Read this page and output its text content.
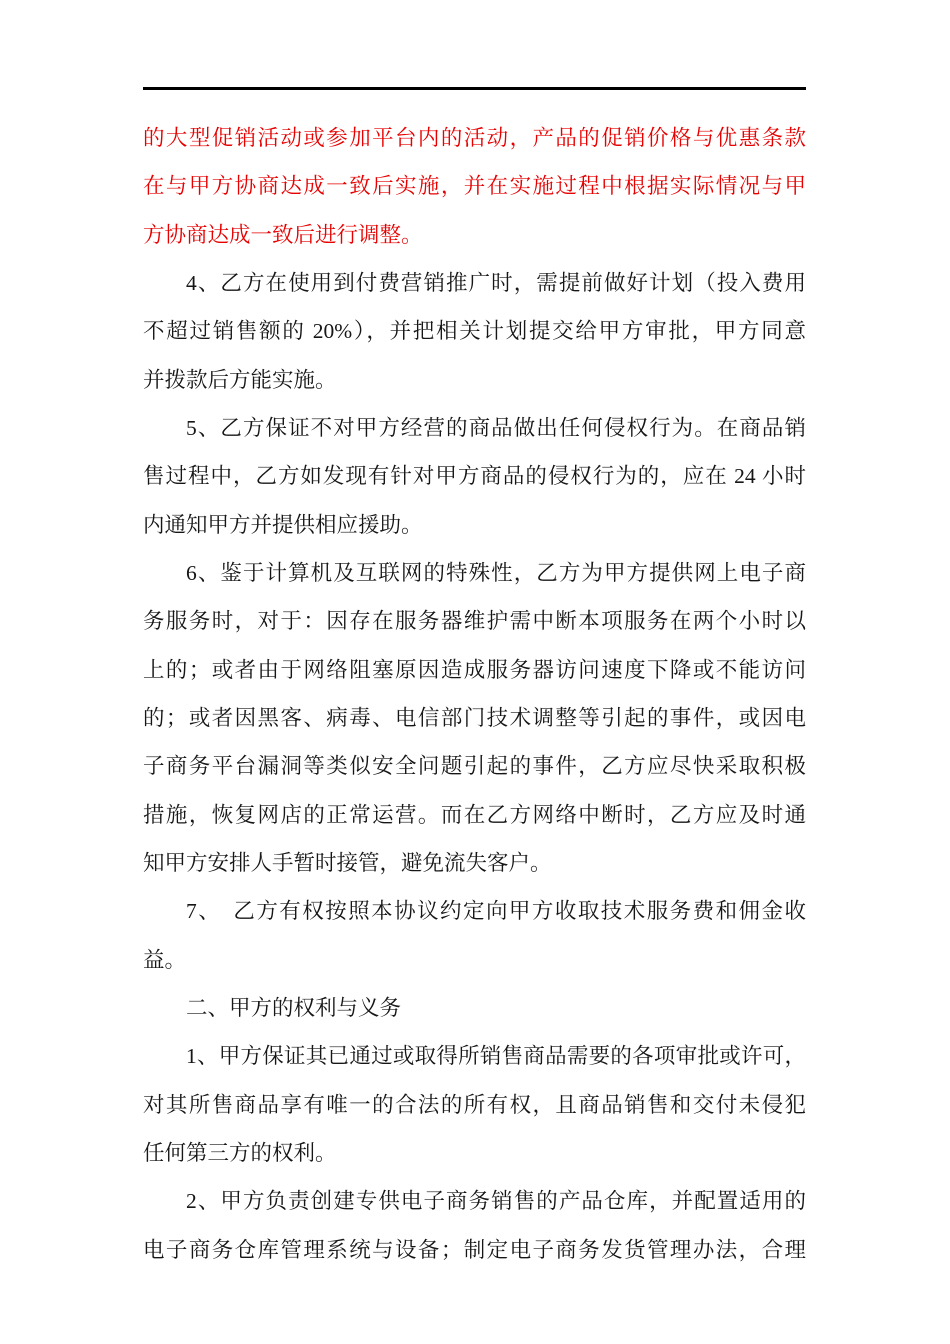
的大型促销活动或参加平台内的活动，产品的促销价格与优惠条款
在与甲方协商达成一致后实施，并在实施过程中根据实际情况与甲
方协商达成一致后进行调整。
4、乙方在使用到付费营销推广时，需提前做好计划（投入费用
不超过销售额的 20%），并把相关计划提交给甲方审批，甲方同意
并拨款后方能实施。
5、乙方保证不对甲方经营的商品做出任何侵权行为。在商品销
售过程中，乙方如发现有针对甲方商品的侵权行为的，应在 24 小时
内通知甲方并提供相应援助。
6、鉴于计算机及互联网的特殊性，乙方为甲方提供网上电子商
务服务时，对于：因存在服务器维护需中断本项服务在两个小时以
上的；或者由于网络阻塞原因造成服务器访问速度下降或不能访问
的；或者因黑客、病毒、电信部门技术调整等引起的事件，或因电
子商务平台漏洞等类似安全问题引起的事件，乙方应尽快采取积极
措施，恢复网店的正常运营。而在乙方网络中断时，乙方应及时通
知甲方安排人手暂时接管，避免流失客户。
7、　乙方有权按照本协议约定向甲方收取技术服务费和佣金收
益。
二、甲方的权利与义务
1、甲方保证其已通过或取得所销售商品需要的各项审批或许可，
对其所售商品享有唯一的合法的所有权，且商品销售和交付未侵犯
任何第三方的权利。
2、甲方负责创建专供电子商务销售的产品仓库，并配置适用的
电子商务仓库管理系统与设备；制定电子商务发货管理办法，合理
